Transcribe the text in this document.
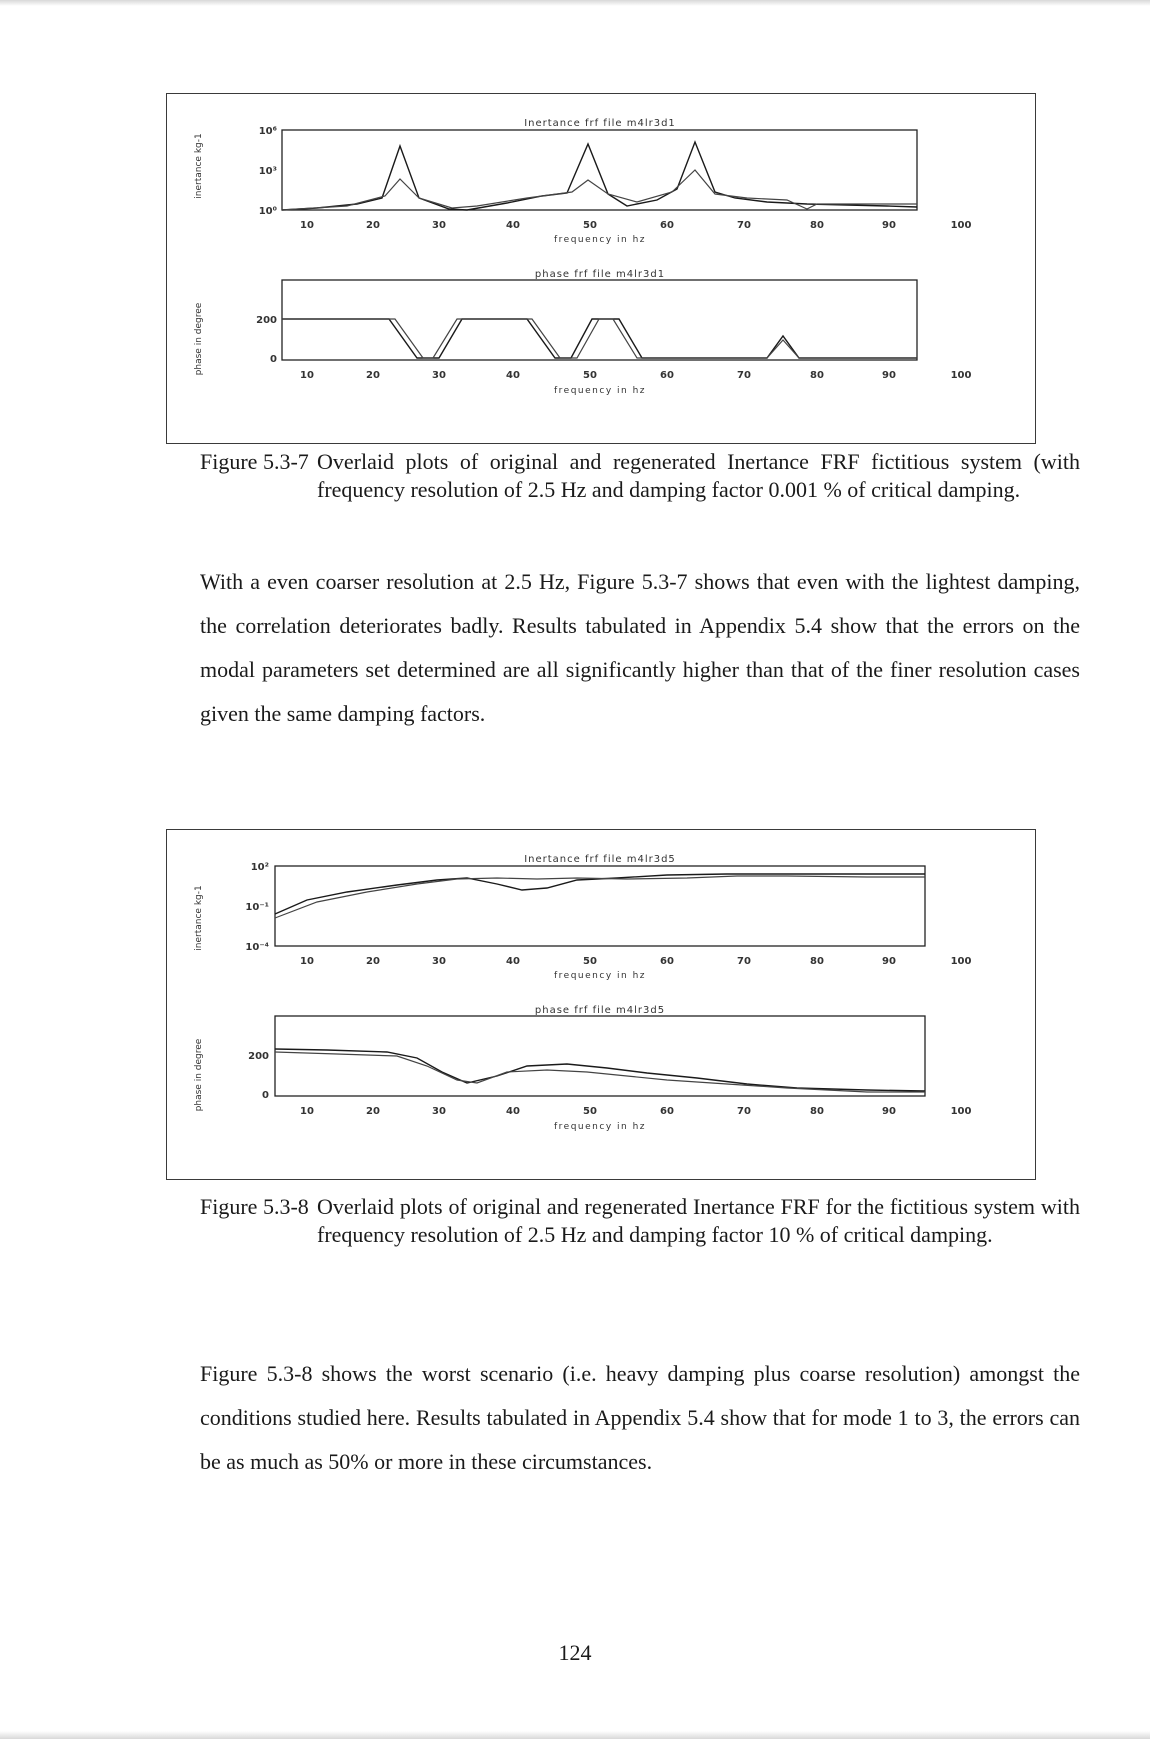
inertance kg-1
Inertance frf file m4lr3d1
10⁶
10³
10⁰
10	20	30	40	50	60	70	80	90	100
frequency in hz
phase in degree
phase frf file m4lr3d1
200
0
10	20	30	40	50	60	70	80	90	100
frequency in hz
Figure 5.3-7 Overlaid plots of original and regenerated Inertance FRF fictitious system (with frequency resolution of 2.5 Hz and damping factor 0.001 % of critical damping.

With a even coarser resolution at 2.5 Hz, Figure 5.3-7 shows that even with the lightest damping, the correlation deteriorates badly. Results tabulated in Appendix 5.4 show that the errors on the modal parameters set determined are all significantly higher than that of the finer resolution cases given the same damping factors.

inertance kg-1
Inertance frf file m4lr3d5
10²
10⁻¹
10⁻⁴
10	20	30	40	50	60	70	80	90	100
frequency in hz
phase in degree
phase frf file m4lr3d5
200
0
10	20	30	40	50	60	70	80	90	100
frequency in hz
Figure 5.3-8 Overlaid plots of original and regenerated Inertance FRF for the fictitious system with frequency resolution of 2.5 Hz and damping factor 10 % of critical damping.

Figure 5.3-8 shows the worst scenario (i.e. heavy damping plus coarse resolution) amongst the conditions studied here. Results tabulated in Appendix 5.4 show that for mode 1 to 3, the errors can be as much as 50% or more in these circumstances.

124
